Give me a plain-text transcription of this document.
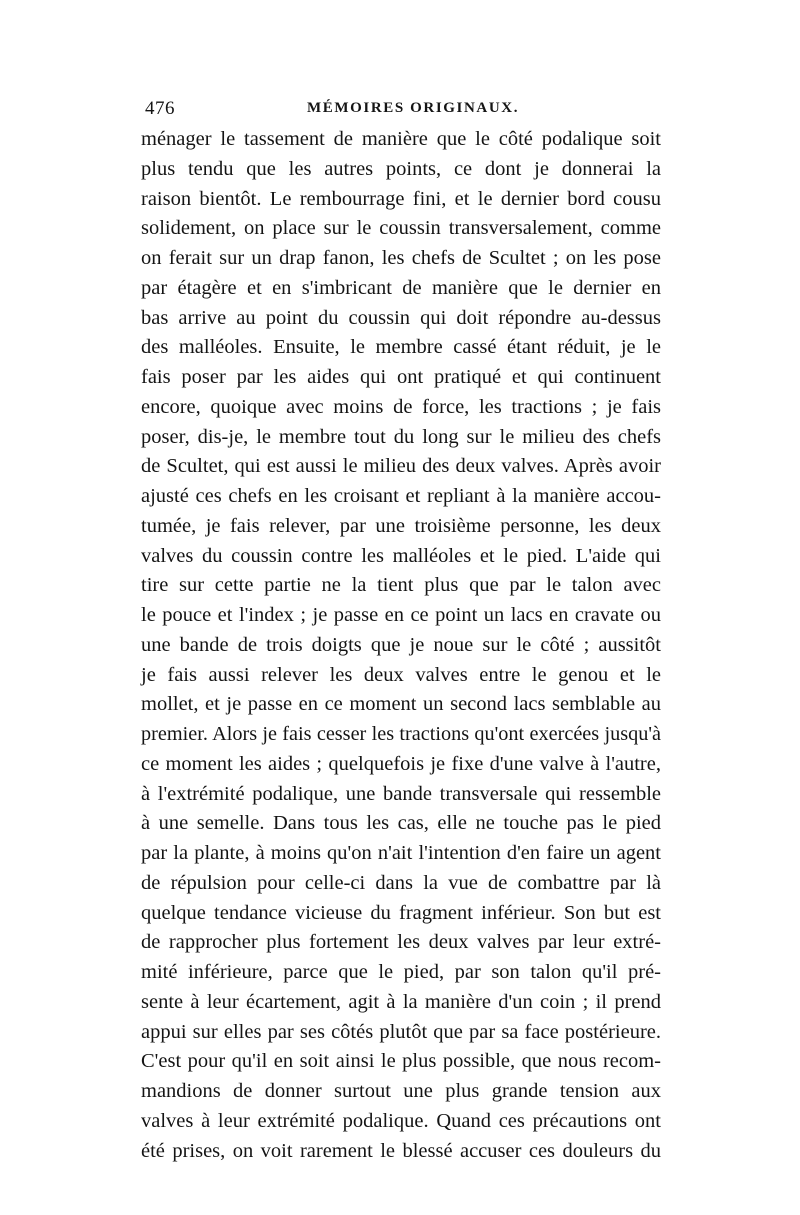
476	MÉMOIRES ORIGINAUX.
ménager le tassement de manière que le côté podalique soit
plus tendu que les autres points, ce dont je donnerai la
raison bientôt. Le rembourrage fini, et le dernier bord cousu
solidement, on place sur le coussin transversalement, comme
on ferait sur un drap fanon, les chefs de Scultet ; on les pose
par étagère et en s'imbricant de manière que le dernier en
bas arrive au point du coussin qui doit répondre au-dessus
des malléoles. Ensuite, le membre cassé étant réduit, je le
fais poser par les aides qui ont pratiqué et qui continuent
encore, quoique avec moins de force, les tractions ; je fais
poser, dis-je, le membre tout du long sur le milieu des chefs
de Scultet, qui est aussi le milieu des deux valves. Après avoir
ajusté ces chefs en les croisant et repliant à la manière accou-
tumée, je fais relever, par une troisième personne, les deux
valves du coussin contre les malléoles et le pied. L'aide qui
tire sur cette partie ne la tient plus que par le talon avec
le pouce et l'index ; je passe en ce point un lacs en cravate ou
une bande de trois doigts que je noue sur le côté ; aussitôt
je fais aussi relever les deux valves entre le genou et le
mollet, et je passe en ce moment un second lacs semblable au
premier. Alors je fais cesser les tractions qu'ont exercées jusqu'à
ce moment les aides ; quelquefois je fixe d'une valve à l'autre,
à l'extrémité podalique, une bande transversale qui ressemble
à une semelle. Dans tous les cas, elle ne touche pas le pied
par la plante, à moins qu'on n'ait l'intention d'en faire un agent
de répulsion pour celle-ci dans la vue de combattre par là
quelque tendance vicieuse du fragment inférieur. Son but est
de rapprocher plus fortement les deux valves par leur extré-
mité inférieure, parce que le pied, par son talon qu'il pré-
sente à leur écartement, agit à la manière d'un coin ; il prend
appui sur elles par ses côtés plutôt que par sa face postérieure.
C'est pour qu'il en soit ainsi le plus possible, que nous recom-
mandions de donner surtout une plus grande tension aux
valves à leur extrémité podalique. Quand ces précautions ont
été prises, on voit rarement le blessé accuser ces douleurs du
